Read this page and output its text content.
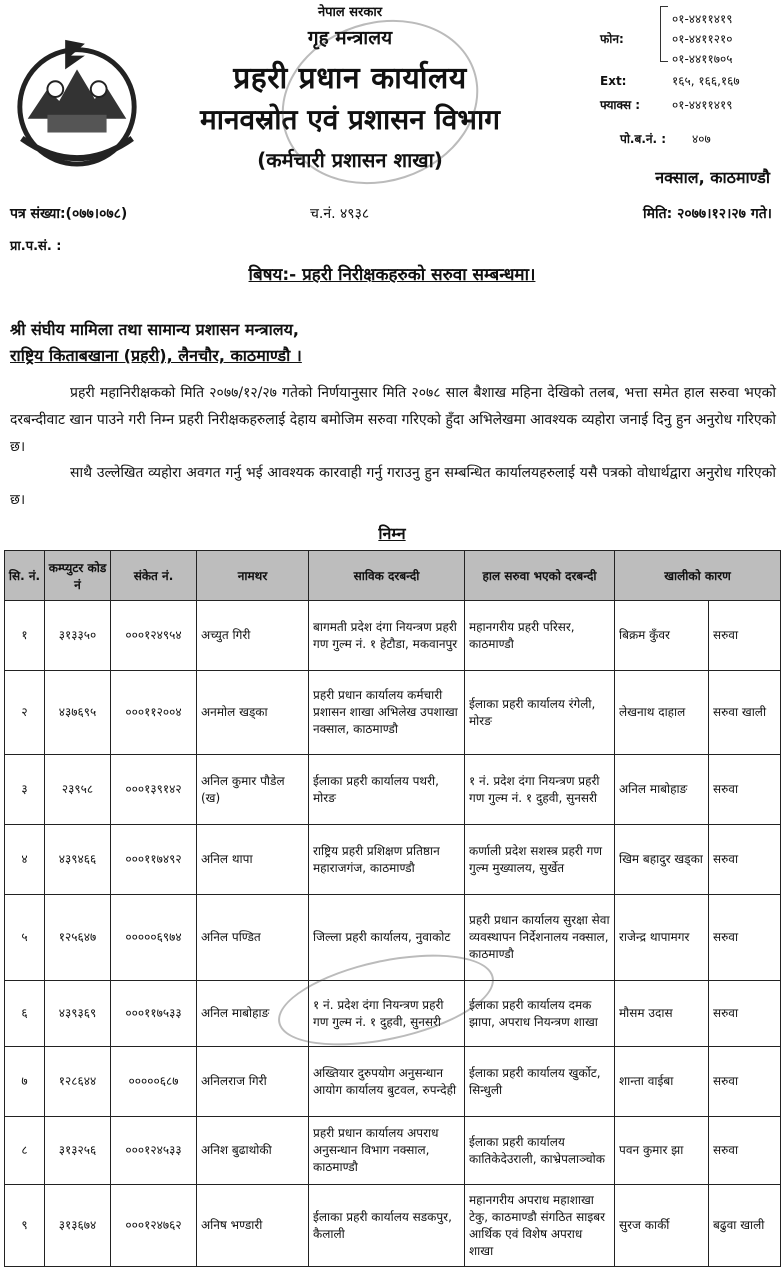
नेपाल सरकार
गृह मन्त्रालय
प्रहरी प्रधान कार्यालय
मानवस्रोत एवं प्रशासन विभाग
(कर्मचारी प्रशासन शाखा)
फोन:
०१-४४११४१९
०१-४४११२१०
०१-४४११७०५
Ext:	१६५, १६६,१६७
फ्याक्स :	०१-४४११४१९
पो.ब.नं. : ४०७
नक्साल, काठमाण्डौ
पत्र संख्या:(०७७।०७८)	च.नं. ४९३८	मिति: २०७७।१२।२७ गते।
प्रा.प.सं. :
बिषय:- प्रहरी निरीक्षकहरुको सरुवा सम्बन्धमा।
श्री संघीय मामिला तथा सामान्य प्रशासन मन्त्रालय,
राष्ट्रिय किताबखाना (प्रहरी), लैनचौर, काठमाण्डौ ।

प्रहरी महानिरीक्षकको मिति २०७७/१२/२७ गतेको निर्णयानुसार मिति २०७८ साल बैशाख महिना देखिको तलब, भत्ता समेत हाल सरुवा भएको दरबन्दीवाट खान पाउने गरी निम्न प्रहरी निरीक्षकहरुलाई देहाय बमोजिम सरुवा गरिएको हुँदा अभिलेखमा आवश्यक व्यहोरा जनाई दिनु हुन अनुरोध गरिएको छ।

साथै उल्लेखित व्यहोरा अवगत गर्नु भई आवश्यक कारवाही गर्नु गराउनु हुन सम्बन्धित कार्यालयहरुलाई यसै पत्रको वोधार्थद्वारा अनुरोध गरिएको छ।

निम्न
सि. नं.	कम्प्युटर कोड नं	संकेत नं.	नामथर	साविक दरबन्दी	हाल सरुवा भएको दरबन्दी	खालीको कारण	
१	३१३३५०	०००१२४९५४	अच्युत गिरी	बागमती प्रदेश दंगा नियन्त्रण प्रहरी गण गुल्म नं. १ हेटौडा, मकवानपुर	महानगरीय प्रहरी परिसर, काठमाण्डौ	बिक्रम कुँवर	सरुवा
२	४३७६९५	०००११२००४	अनमोल खड्का	प्रहरी प्रधान कार्यालय कर्मचारी प्रशासन शाखा अभिलेख उपशाखा नक्साल, काठमाण्डौ	ईलाका प्रहरी कार्यालय रंगेली, मोरङ	लेखनाथ दाहाल	सरुवा खाली
३	२३९५८	०००१३९१४२	अनिल कुमार पौडेल (ख)	ईलाका प्रहरी कार्यालय पथरी, मोरङ	१ नं. प्रदेश दंगा नियन्त्रण प्रहरी गण गुल्म नं. १ दुहवी, सुनसरी	अनिल माबोहाङ	सरुवा
४	४३९४६६	०००११७४९२	अनिल थापा	राष्ट्रिय प्रहरी प्रशिक्षण प्रतिष्ठान महाराजगंज, काठमाण्डौ	कर्णाली प्रदेश सशस्त्र प्रहरी गण गुल्म मुख्यालय, सुर्खेत	खिम बहादुर खड्का	सरुवा
५	१२५६४७	०००००६९७४	अनिल पण्डित	जिल्ला प्रहरी कार्यालय, नुवाकोट	प्रहरी प्रधान कार्यालय सुरक्षा सेवा व्यवस्थापन निर्देशनालय नक्साल, काठमाण्डौ	राजेन्द्र थापामगर	सरुवा
६	४३९३६९	०००११७५३३	अनिल माबोहाङ	१ नं. प्रदेश दंगा नियन्त्रण प्रहरी गण गुल्म नं. १ दुहवी, सुनसरी	ईलाका प्रहरी कार्यालय दमक झापा, अपराध नियन्त्रण शाखा	मौसम उदास	सरुवा
७	१२८६४४	०००००६८७	अनिलराज गिरी	अख्तियार दुरुपयोग अनुसन्धान आयोग कार्यालय बुटवल, रुपन्देही	ईलाका प्रहरी कार्यालय खुर्कोट, सिन्धुली	शान्ता वाईबा	सरुवा
८	३१३२५६	०००१२४५३३	अनिश बुढाथोकी	प्रहरी प्रधान कार्यालय अपराध अनुसन्धान विभाग नक्साल, काठमाण्डौ	ईलाका प्रहरी कार्यालय कातिकेदेउराली, काभ्रेपलाञ्चोक	पवन कुमार झा	सरुवा
९	३१३६७४	०००१२४७६२	अनिष भण्डारी	ईलाका प्रहरी कार्यालय सडकपुर, कैलाली	महानगरीय अपराध महाशाखा टेकु, काठमाण्डौ संगठित साइबर आर्थिक एवं विशेष अपराध शाखा	सुरज कार्की	बढुवा खाली
